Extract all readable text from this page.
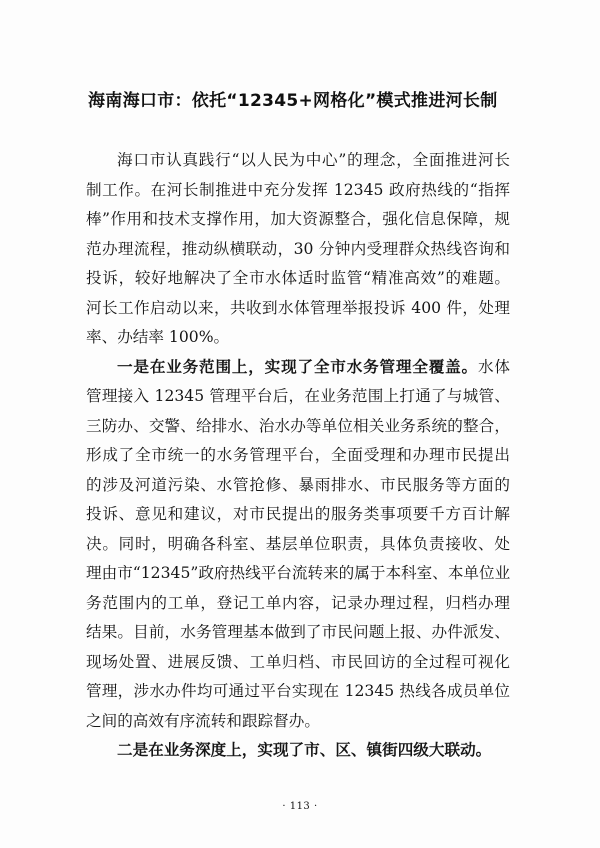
海南海口市：依托“12345+网格化”模式推进河长制
海口市认真践行“以人民为中心”的理念，全面推进河长
制工作。在河长制推进中充分发挥 12345 政府热线的“指挥
棒”作用和技术支撑作用，加大资源整合，强化信息保障，规
范办理流程，推动纵横联动，30 分钟内受理群众热线咨询和
投诉，较好地解决了全市水体适时监管“精准高效”的难题。
河长工作启动以来，共收到水体管理举报投诉 400 件，处理
率、办结率 100%。
一是在业务范围上，实现了全市水务管理全覆盖。水体
管理接入 12345 管理平台后，在业务范围上打通了与城管、
三防办、交警、给排水、治水办等单位相关业务系统的整合，
形成了全市统一的水务管理平台，全面受理和办理市民提出
的涉及河道污染、水管抢修、暴雨排水、市民服务等方面的
投诉、意见和建议，对市民提出的服务类事项要千方百计解
决。同时，明确各科室、基层单位职责，具体负责接收、处
理由市“12345”政府热线平台流转来的属于本科室、本单位业
务范围内的工单，登记工单内容，记录办理过程，归档办理
结果。目前，水务管理基本做到了市民问题上报、办件派发、
现场处置、进展反馈、工单归档、市民回访的全过程可视化
管理，涉水办件均可通过平台实现在 12345 热线各成员单位
之间的高效有序流转和跟踪督办。
二是在业务深度上，实现了市、区、镇街四级大联动。
· 113 ·
